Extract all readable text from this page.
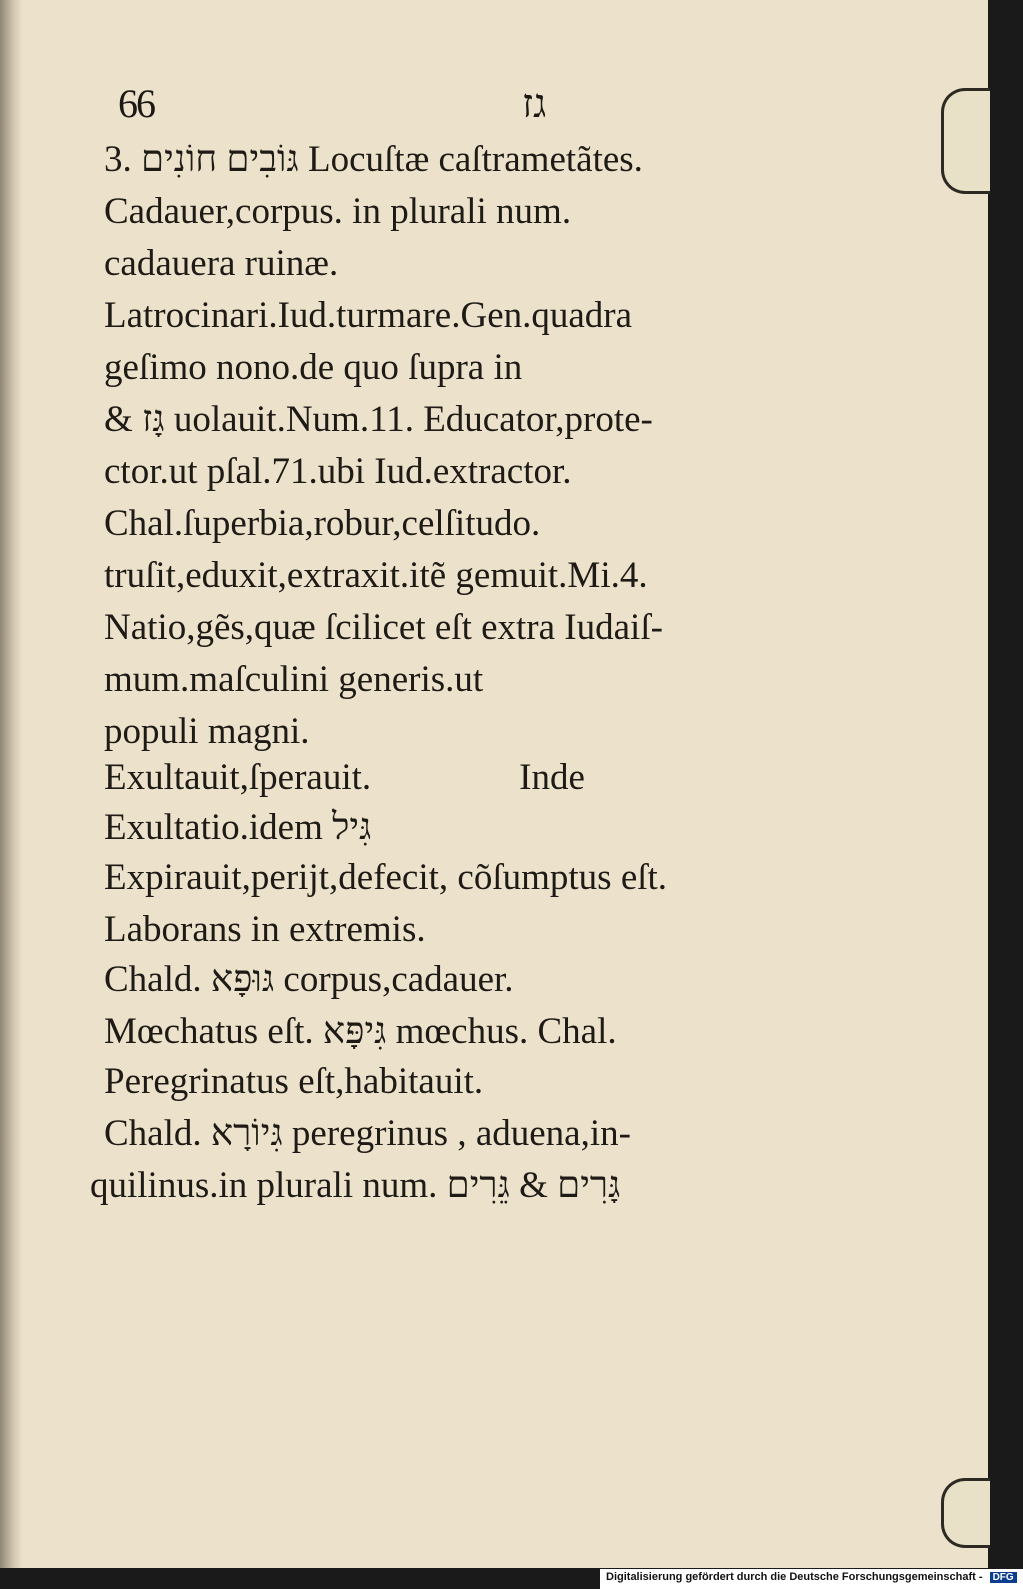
66	גז
3. גּוֹבִים חוֹנִים Locuſtæ caſtrametãtes.
Cadauer,corpus. in plurali num.
cadauera ruinæ.
Latrocinari.Iud.turmare.Gen.quadra
geſimo nono.de quo ſupra in
& גָּז uolauit.Num.11. Educator,prote-
ctor.ut pſal.71.ubi Iud.extractor.
Chal.ſuperbia,robur,celſitudo.
truſit,eduxit,extraxit.itẽ gemuit.Mi.4.
Natio,gẽs,quæ ſcilicet eſt extra Iudaiſ-
mum.maſculini generis.ut
populi magni.
Exultauit,ſperauit.                Inde
Exultatio.idem גִּיל
Expirauit,periјt,defecit, cõſumptus eſt.
Laborans in extremis.
Chald. גּוּפָא corpus,cadauer.
Mœchatus eſt. גִּיפָּא mœchus. Chal.
Peregrinatus eſt,habitauit.
Chald. גִּיוֹרָא peregrinus , aduena,in-
quilinus.in plurali num. גָּרִים & גֵּרִים
Digitalisierung gefördert durch die Deutsche Forschungsgemeinschaft - DFG
